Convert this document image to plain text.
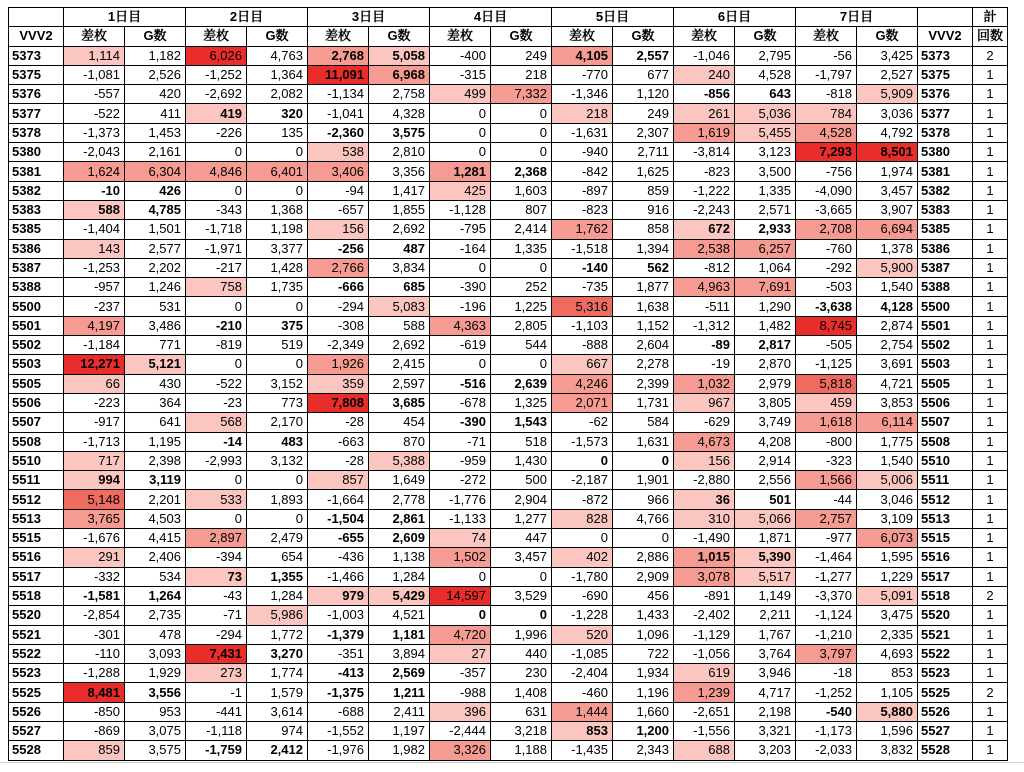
	1日目		2日目		3日目		4日目		5日目		6日目		7日目			計
VVV2	差枚	G数	差枚	G数	差枚	G数	差枚	G数	差枚	G数	差枚	G数	差枚	G数	VVV2	回数
5373	1,114	1,182	6,026	4,763	2,768	5,058	-400	249	4,105	2,557	-1,046	2,795	-56	3,425	5373	2
5375	-1,081	2,526	-1,252	1,364	11,091	6,968	-315	218	-770	677	240	4,528	-1,797	2,527	5375	1
5376	-557	420	-2,692	2,082	-1,134	2,758	499	7,332	-1,346	1,120	-856	643	-818	5,909	5376	1
5377	-522	411	419	320	-1,041	4,328	0	0	218	249	261	5,036	784	3,036	5377	1
5378	-1,373	1,453	-226	135	-2,360	3,575	0	0	-1,631	2,307	1,619	5,455	4,528	4,792	5378	1
5380	-2,043	2,161	0	0	538	2,810	0	0	-940	2,711	-3,814	3,123	7,293	8,501	5380	1
5381	1,624	6,304	4,846	6,401	3,406	3,356	1,281	2,368	-842	1,625	-823	3,500	-756	1,974	5381	1
5382	-10	426	0	0	-94	1,417	425	1,603	-897	859	-1,222	1,335	-4,090	3,457	5382	1
5383	588	4,785	-343	1,368	-657	1,855	-1,128	807	-823	916	-2,243	2,571	-3,665	3,907	5383	1
5385	-1,404	1,501	-1,718	1,198	156	2,692	-795	2,414	1,762	858	672	2,933	2,708	6,694	5385	1
5386	143	2,577	-1,971	3,377	-256	487	-164	1,335	-1,518	1,394	2,538	6,257	-760	1,378	5386	1
5387	-1,253	2,202	-217	1,428	2,766	3,834	0	0	-140	562	-812	1,064	-292	5,900	5387	1
5388	-957	1,246	758	1,735	-666	685	-390	252	-735	1,877	4,963	7,691	-503	1,540	5388	1
5500	-237	531	0	0	-294	5,083	-196	1,225	5,316	1,638	-511	1,290	-3,638	4,128	5500	1
5501	4,197	3,486	-210	375	-308	588	4,363	2,805	-1,103	1,152	-1,312	1,482	8,745	2,874	5501	1
5502	-1,184	771	-819	519	-2,349	2,692	-619	544	-888	2,604	-89	2,817	-505	2,754	5502	1
5503	12,271	5,121	0	0	1,926	2,415	0	0	667	2,278	-19	2,870	-1,125	3,691	5503	1
5505	66	430	-522	3,152	359	2,597	-516	2,639	4,246	2,399	1,032	2,979	5,818	4,721	5505	1
5506	-223	364	-23	773	7,808	3,685	-678	1,325	2,071	1,731	967	3,805	459	3,853	5506	1
5507	-917	641	568	2,170	-28	454	-390	1,543	-62	584	-629	3,749	1,618	6,114	5507	1
5508	-1,713	1,195	-14	483	-663	870	-71	518	-1,573	1,631	4,673	4,208	-800	1,775	5508	1
5510	717	2,398	-2,993	3,132	-28	5,388	-959	1,430	0	0	156	2,914	-323	1,540	5510	1
5511	994	3,119	0	0	857	1,649	-272	500	-2,187	1,901	-2,880	2,556	1,566	5,006	5511	1
5512	5,148	2,201	533	1,893	-1,664	2,778	-1,776	2,904	-872	966	36	501	-44	3,046	5512	1
5513	3,765	4,503	0	0	-1,504	2,861	-1,133	1,277	828	4,766	310	5,066	2,757	3,109	5513	1
5515	-1,676	4,415	2,897	2,479	-655	2,609	74	447	0	0	-1,490	1,871	-977	6,073	5515	1
5516	291	2,406	-394	654	-436	1,138	1,502	3,457	402	2,886	1,015	5,390	-1,464	1,595	5516	1
5517	-332	534	73	1,355	-1,466	1,284	0	0	-1,780	2,909	3,078	5,517	-1,277	1,229	5517	1
5518	-1,581	1,264	-43	1,284	979	5,429	14,597	3,529	-690	456	-891	1,149	-3,370	5,091	5518	2
5520	-2,854	2,735	-71	5,986	-1,003	4,521	0	0	-1,228	1,433	-2,402	2,211	-1,124	3,475	5520	1
5521	-301	478	-294	1,772	-1,379	1,181	4,720	1,996	520	1,096	-1,129	1,767	-1,210	2,335	5521	1
5522	-110	3,093	7,431	3,270	-351	3,894	27	440	-1,085	722	-1,056	3,764	3,797	4,693	5522	1
5523	-1,288	1,929	273	1,774	-413	2,569	-357	230	-2,404	1,934	619	3,946	-18	853	5523	1
5525	8,481	3,556	-1	1,579	-1,375	1,211	-988	1,408	-460	1,196	1,239	4,717	-1,252	1,105	5525	2
5526	-850	953	-441	3,614	-688	2,411	396	631	1,444	1,660	-2,651	2,198	-540	5,880	5526	1
5527	-869	3,075	-1,118	974	-1,552	1,197	-2,444	3,218	853	1,200	-1,556	3,321	-1,173	1,596	5527	1
5528	859	3,575	-1,759	2,412	-1,976	1,982	3,326	1,188	-1,435	2,343	688	3,203	-2,033	3,832	5528	1
